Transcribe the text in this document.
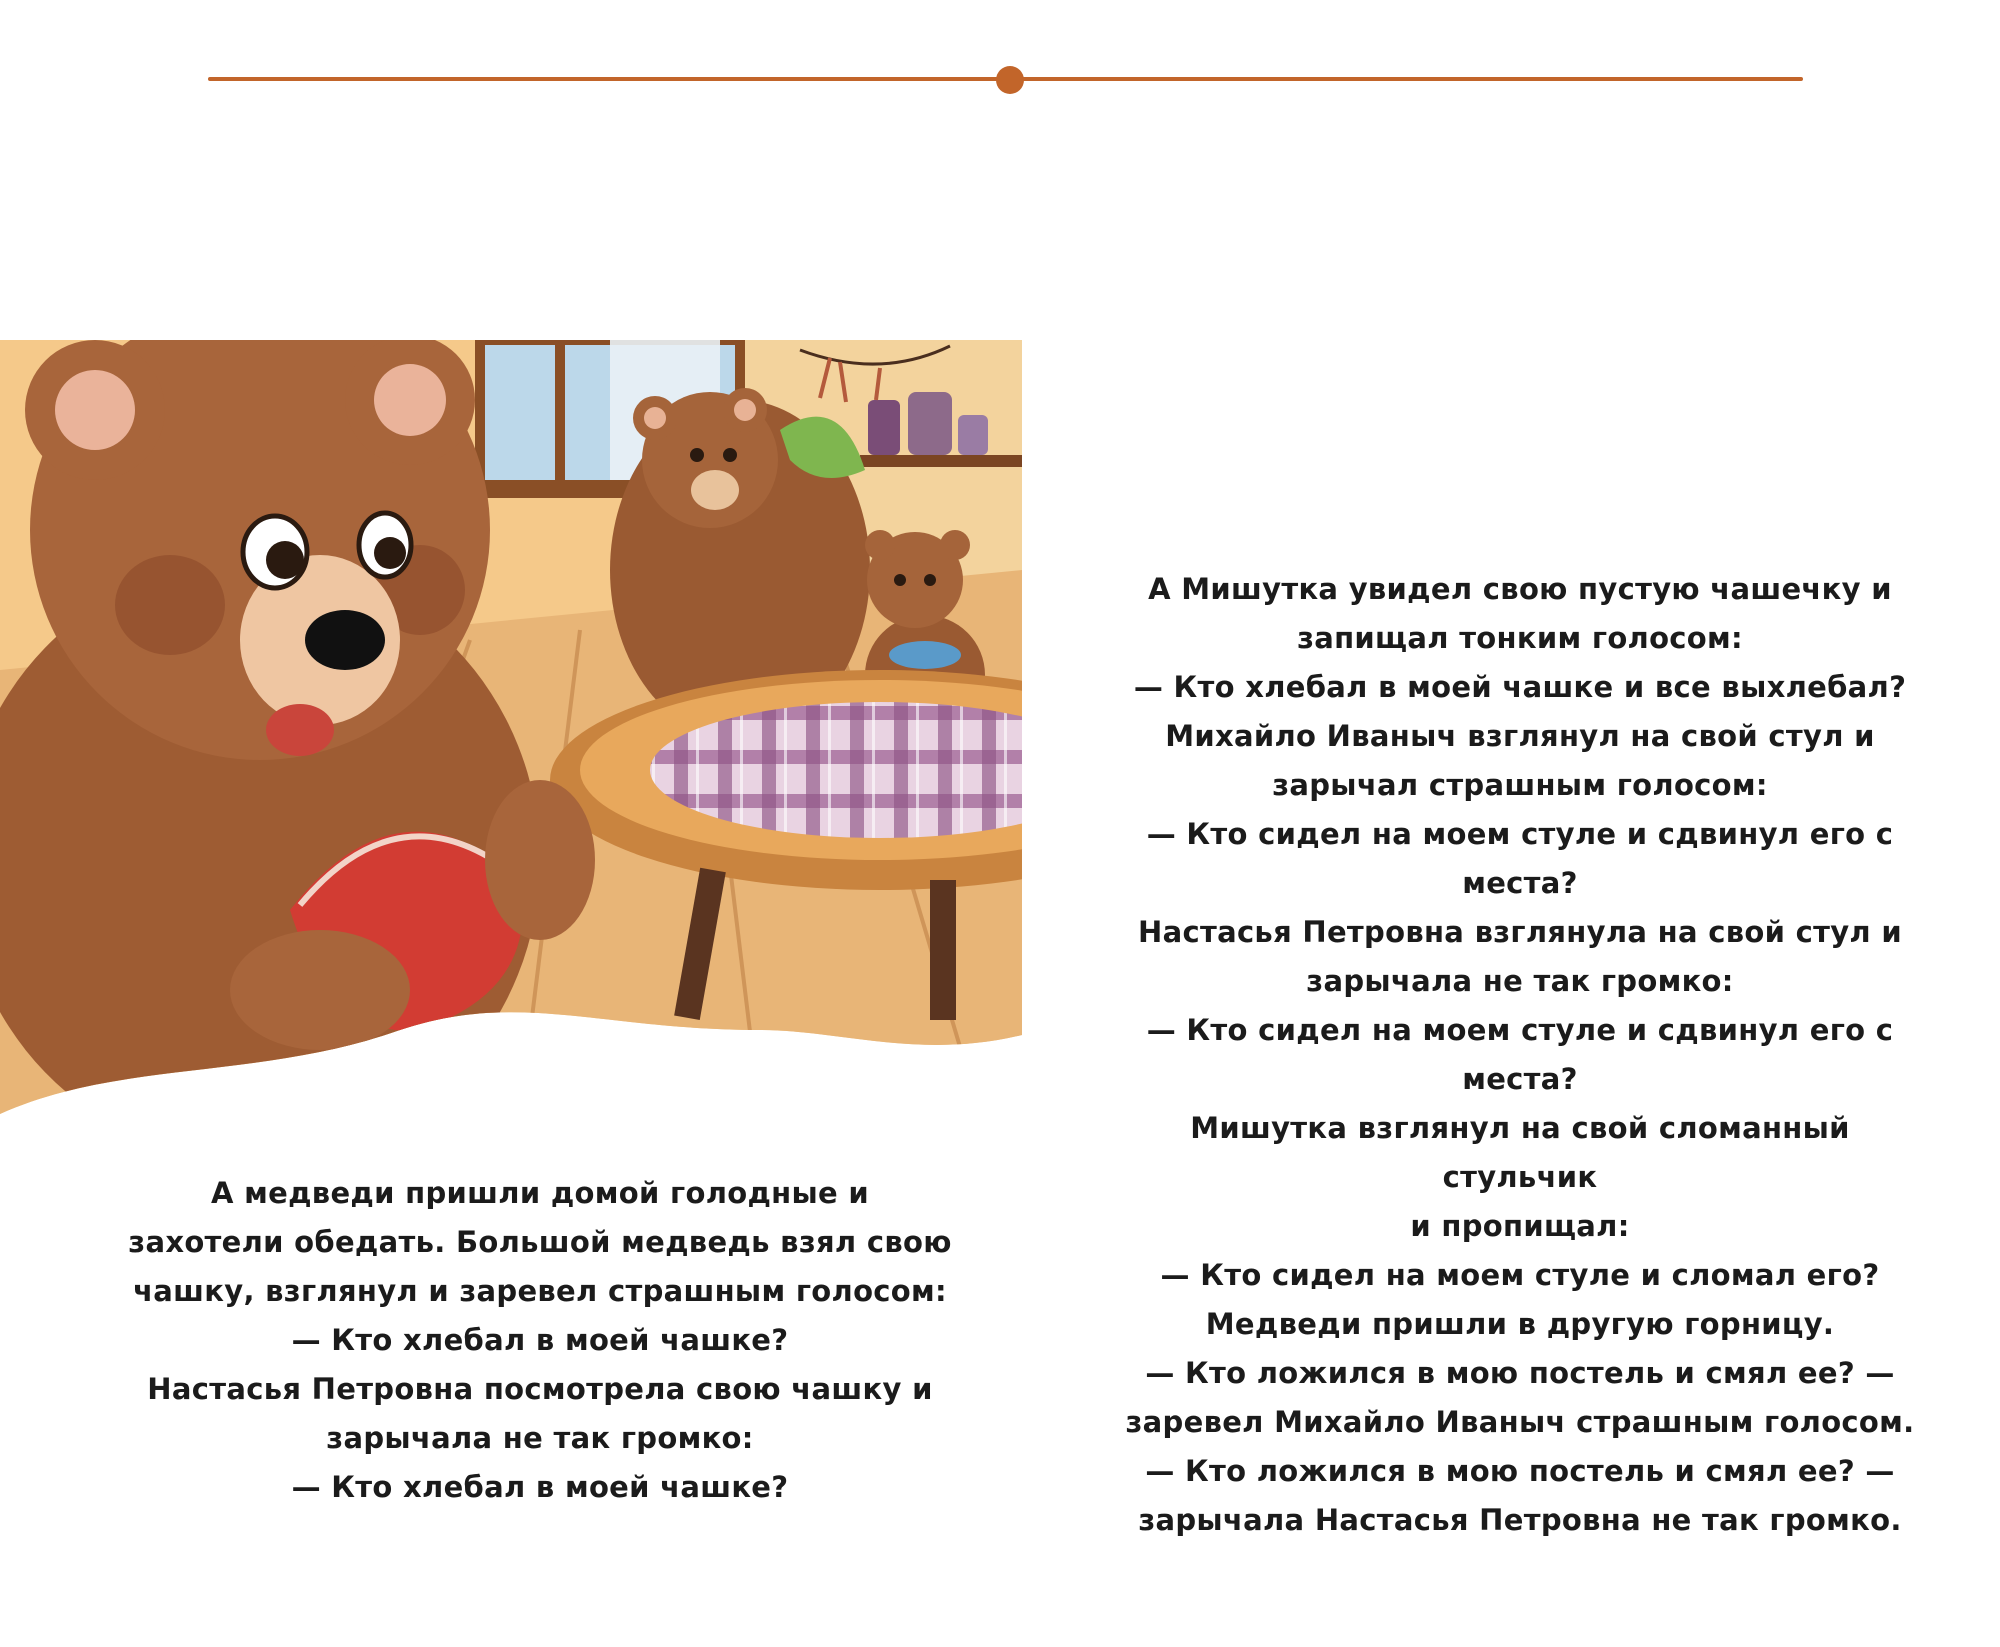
А медведи пришли домой голодные и

захотели обедать. Большой медведь взял свою

чашку, взглянул и заревел страшным голосом:

— Кто хлебал в моей чашке?

Настасья Петровна посмотрела свою чашку и

зарычала не так громко:

— Кто хлебал в моей чашке?

А Мишутка увидел свою пустую чашечку и

запищал тонким голосом:

— Кто хлебал в моей чашке и все выхлебал?

Михайло Иваныч взглянул на свой стул и

зарычал страшным голосом:

— Кто сидел на моем стуле и сдвинул его с

места?

Настасья Петровна взглянула на свой стул и

зарычала не так громко:

— Кто сидел на моем стуле и сдвинул его с

места?

Мишутка взглянул на свой сломанный стульчик

и пропищал:

— Кто сидел на моем стуле и сломал его?

Медведи пришли в другую горницу.

— Кто ложился в мою постель и смял ее? —

заревел Михайло Иваныч страшным голосом.

— Кто ложился в мою постель и смял ее? —

зарычала Настасья Петровна не так громко.
